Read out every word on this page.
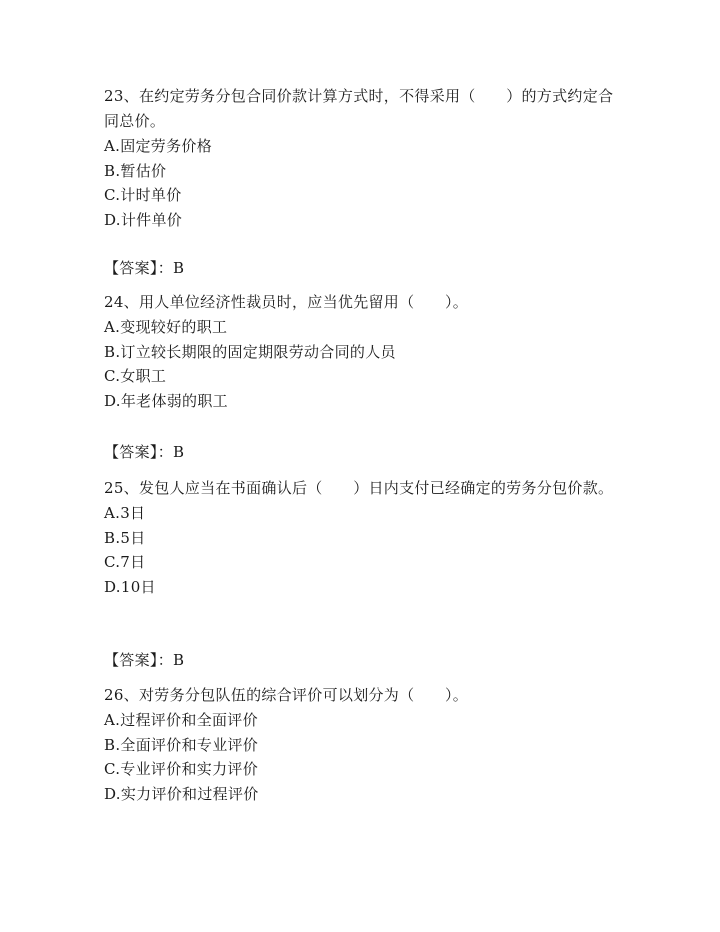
23、在约定劳务分包合同价款计算方式时，不得采用（　　）的方式约定合同总价。

A.固定劳务价格
B.暂估价
C.计时单价
D.计件单价
【答案】：B

24、用人单位经济性裁员时，应当优先留用（　　）。

A.变现较好的职工
B.订立较长期限的固定期限劳动合同的人员
C.女职工
D.年老体弱的职工
【答案】：B

25、发包人应当在书面确认后（　　）日内支付已经确定的劳务分包价款。

A.3日
B.5日
C.7日
D.10日
【答案】：B

26、对劳务分包队伍的综合评价可以划分为（　　）。

A.过程评价和全面评价
B.全面评价和专业评价
C.专业评价和实力评价
D.实力评价和过程评价
